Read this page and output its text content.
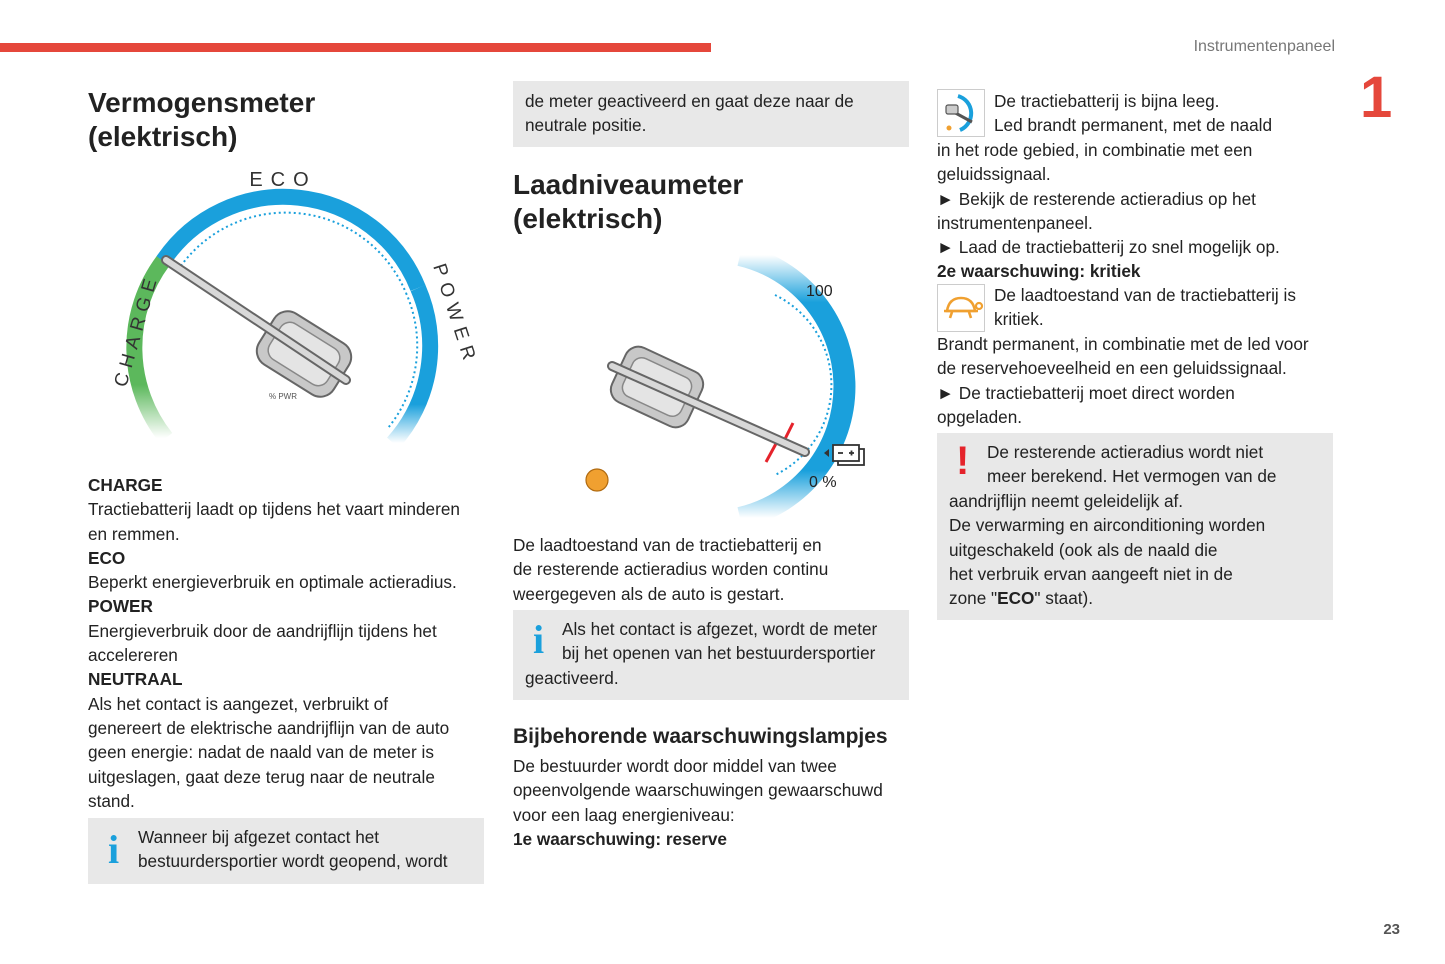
Instrumentenpaneel
1
23
Vermogensmeter
(elektrisch)
ECO
CHARGE	POWER
% PWR

CHARGE

Tractiebatterij laadt op tijdens het vaart minderen

en remmen.

ECO

Beperkt energieverbruik en optimale actieradius.

POWER

Energieverbruik door de aandrijflijn tijdens het

accelereren

NEUTRAAL

Als het contact is aangezet, verbruikt of

genereert de elektrische aandrijflijn van de auto

geen energie: nadat de naald van de meter is

uitgeslagen, gaat deze terug naar de neutrale

stand.

i Wanneer bij afgezet contact het

bestuurdersportier wordt geopend, wordt

de meter geactiveerd en gaat deze naar de

neutrale positie.

Laadniveaumeter
(elektrisch)
100
0 %

De laadtoestand van de tractiebatterij en

de resterende actieradius worden continu

weergegeven als de auto is gestart.

i Als het contact is afgezet, wordt de meter

bij het openen van het bestuurdersportier

geactiveerd.

Bijbehorende waarschuwingslampjes

De bestuurder wordt door middel van twee

opeenvolgende waarschuwingen gewaarschuwd

voor een laag energieniveau:

1e waarschuwing: reserve

De tractiebatterij is bijna leeg.

Led brandt permanent, met de naald

in het rode gebied, in combinatie met een

geluidssignaal.

► Bekijk de resterende actieradius op het

instrumentenpaneel.

► Laad de tractiebatterij zo snel mogelijk op.

2e waarschuwing: kritiek

De laadtoestand van de tractiebatterij is

kritiek.

Brandt permanent, in combinatie met de led voor

de reservehoeveelheid en een geluidssignaal.

► De tractiebatterij moet direct worden

opgeladen.

! De resterende actieradius wordt niet

meer berekend. Het vermogen van de

aandrijflijn neemt geleidelijk af.

De verwarming en airconditioning worden

uitgeschakeld (ook als de naald die

het verbruik ervan aangeeft niet in de

zone "ECO" staat).
